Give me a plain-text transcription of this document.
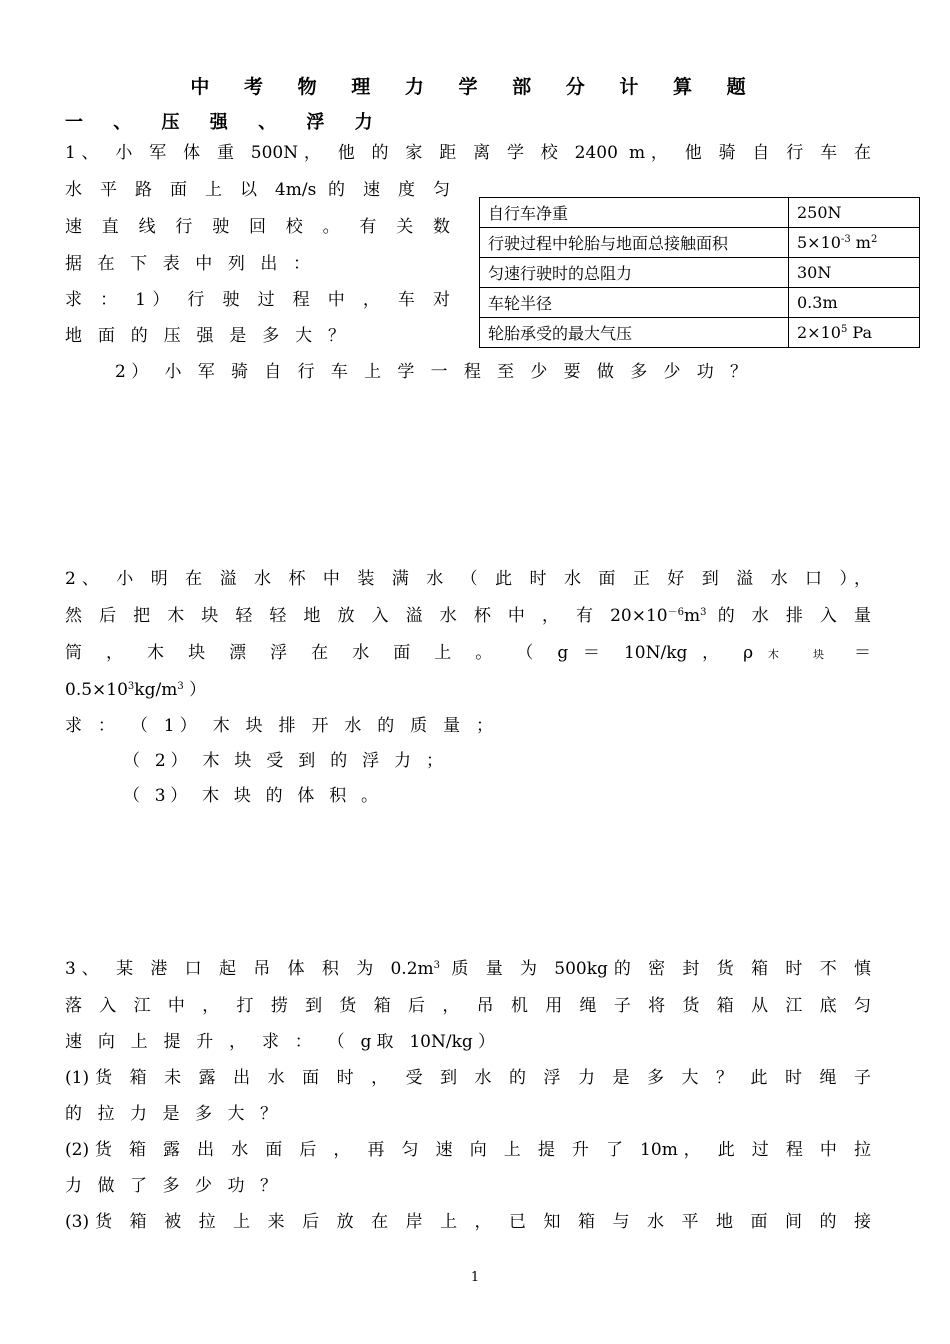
中 考 物 理 力 学 部 分 计 算 题
一 、 压 强 、 浮 力
1、 小 军 体 重 500N， 他 的 家 距 离 学 校 2400 m， 他 骑 自 行 车 在
水 平 路 面 上 以 4m/s 的 速 度 匀
速 直 线 行 驶 回 校 。 有 关 数
据 在 下 表 中 列 出 ：
求 ： 1） 行 驶 过 程 中 ， 车 对
地 面 的 压 强 是 多 大 ？
2） 小 军 骑 自 行 车 上 学 一 程 至 少 要 做 多 少 功 ？
自行车净重	250N
行驶过程中轮胎与地面总接触面积	$5\times 10^{-3}$ $m^2$
匀速行驶时的总阻力	30N
车轮半径	0.3m
轮胎承受的最大气压	$2\times 10^5$ Pa
2、 小 明 在 溢 水 杯 中 装 满 水 （ 此 时 水 面 正 好 到 溢 水 口 ），
然 后 把 木 块 轻 轻 地 放 入 溢 水 杯 中 ， 有 $20\times 10^{-6}m^3$ 的 水 排 入 量
筒 ， 木 块 漂 浮 在 水 面 上 。 （ g ＝ 10N/kg ， ρ 木 块 ＝
$0.5\times 10^3kg/m^3$ ）
求 ： （ 1） 木 块 排 开 水 的 质 量 ；
（ 2） 木 块 受 到 的 浮 力 ；
（ 3） 木 块 的 体 积 。
3、 某 港 口 起 吊 体 积 为 $0.2m^3$ 质 量 为 500kg的 密 封 货 箱 时 不 慎
落 入 江 中 ， 打 捞 到 货 箱 后 ， 吊 机 用 绳 子 将 货 箱 从 江 底 匀
速 向 上 提 升 ， 求 ： （ g取 10N/kg）
(1)货 箱 未 露 出 水 面 时 ， 受 到 水 的 浮 力 是 多 大 ？ 此 时 绳 子
的 拉 力 是 多 大 ？
(2)货 箱 露 出 水 面 后 ， 再 匀 速 向 上 提 升 了 10m， 此 过 程 中 拉
力 做 了 多 少 功 ？
(3)货 箱 被 拉 上 来 后 放 在 岸 上 ， 已 知 箱 与 水 平 地 面 间 的 接
1
